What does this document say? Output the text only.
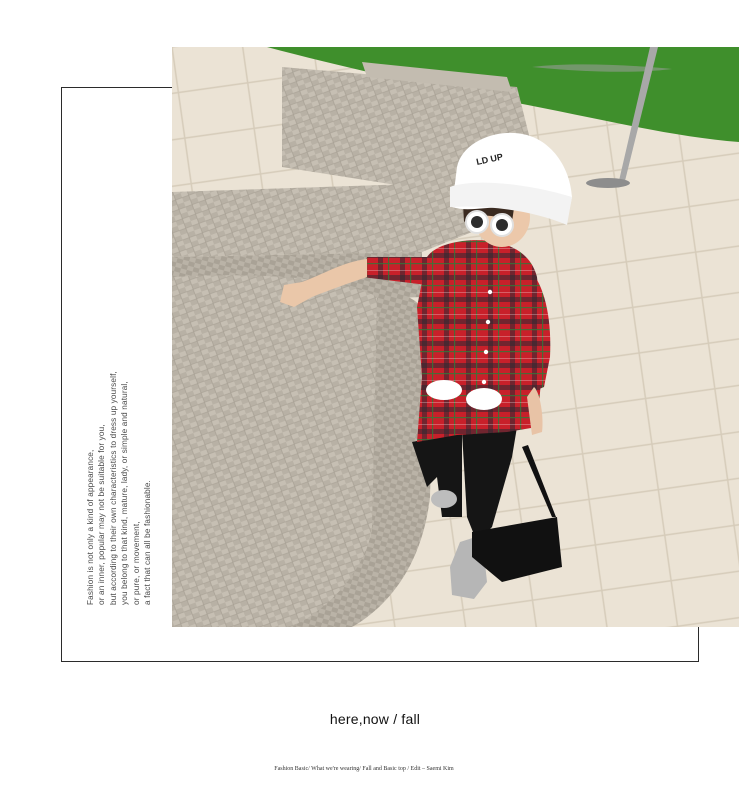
LD UP
Fashion is not only a kind of appearance, or an inner, popular may not be suitable for you, but according to their own characteristics to dress up yourself, you belong to that kind, mature, lady, or simple and natural, or pure, or movement, a fact that can all be fashionable.
here,now / fall
Fashion Basic/ What we're wearing/ Fall and Basic top / Edit – Saemi Kim
